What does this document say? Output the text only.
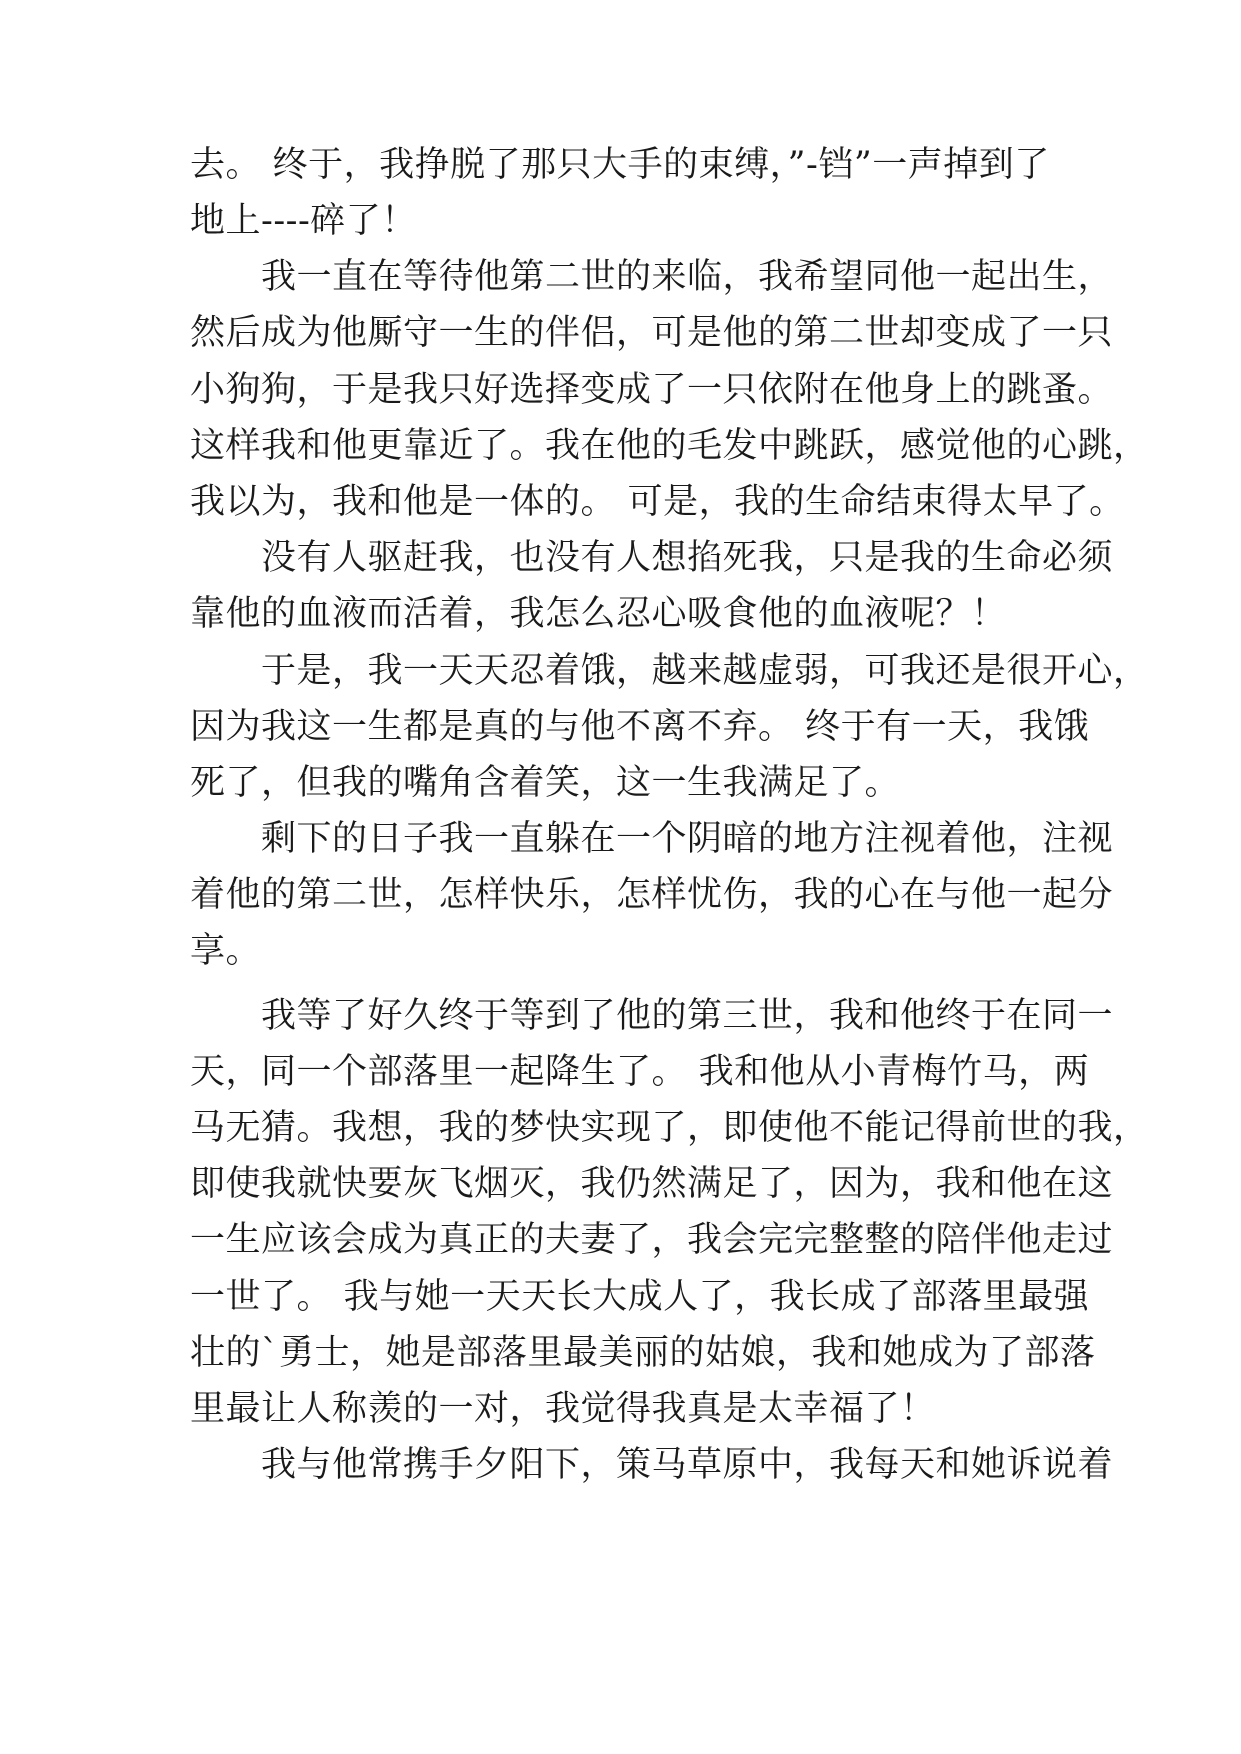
去。 终于，我挣脱了那只大手的束缚，”-铛”一声掉到了
地上----碎了！
　　我一直在等待他第二世的来临，我希望同他一起出生，
然后成为他厮守一生的伴侣，可是他的第二世却变成了一只
小狗狗，于是我只好选择变成了一只依附在他身上的跳蚤。
这样我和他更靠近了。我在他的毛发中跳跃，感觉他的心跳，
我以为，我和他是一体的。 可是，我的生命结束得太早了。
　　没有人驱赶我，也没有人想掐死我，只是我的生命必须
靠他的血液而活着，我怎么忍心吸食他的血液呢？！
　　于是，我一天天忍着饿，越来越虚弱，可我还是很开心，
因为我这一生都是真的与他不离不弃。 终于有一天，我饿
死了，但我的嘴角含着笑，这一生我满足了。
　　剩下的日子我一直躲在一个阴暗的地方注视着他，注视
着他的第二世，怎样快乐，怎样忧伤，我的心在与他一起分
享。
　　我等了好久终于等到了他的第三世，我和他终于在同一
天，同一个部落里一起降生了。 我和他从小青梅竹马，两
马无猜。我想，我的梦快实现了，即使他不能记得前世的我，
即使我就快要灰飞烟灭，我仍然满足了，因为，我和他在这
一生应该会成为真正的夫妻了，我会完完整整的陪伴他走过
一世了。 我与她一天天长大成人了，我长成了部落里最强
壮的`勇士，她是部落里最美丽的姑娘，我和她成为了部落
里最让人称羡的一对，我觉得我真是太幸福了！
　　我与他常携手夕阳下，策马草原中，我每天和她诉说着
